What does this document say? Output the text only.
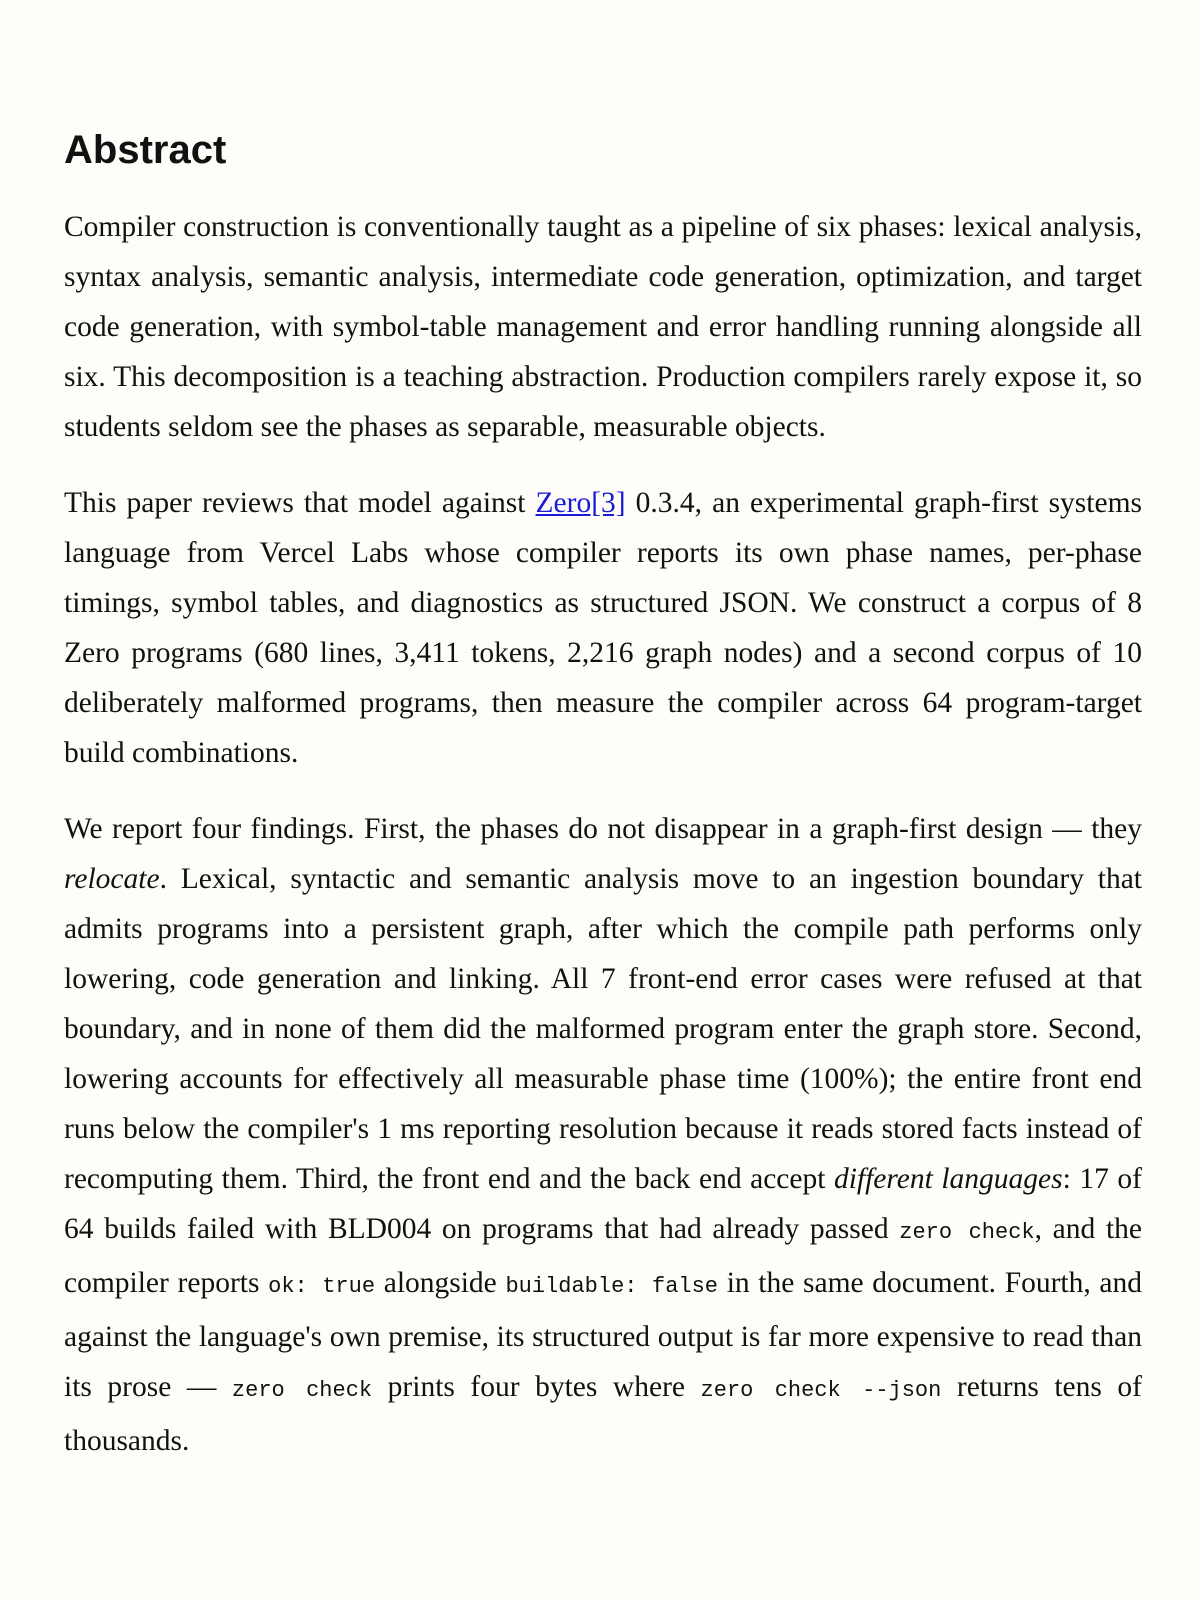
Abstract

Compiler construction is conventionally taught as a pipeline of six phases: lexical analysis, syntax analysis, semantic analysis, intermediate code generation, optimization, and target code generation, with symbol-table management and error handling running alongside all six. This decomposition is a teaching abstraction. Production compilers rarely expose it, so students seldom see the phases as separable, measurable objects.

This paper reviews that model against Zero[3] 0.3.4, an experimental graph-first systems language from Vercel Labs whose compiler reports its own phase names, per-phase timings, symbol tables, and diagnostics as structured JSON. We construct a corpus of 8 Zero programs (680 lines, 3,411 tokens, 2,216 graph nodes) and a second corpus of 10 deliberately malformed programs, then measure the compiler across 64 program-target build combinations.

We report four findings. First, the phases do not disappear in a graph-first design — they relocate. Lexical, syntactic and semantic analysis move to an ingestion boundary that admits programs into a persistent graph, after which the compile path performs only lowering, code generation and linking. All 7 front-end error cases were refused at that boundary, and in none of them did the malformed program enter the graph store. Second, lowering accounts for effectively all measurable phase time (100%); the entire front end runs below the compiler's 1 ms reporting resolution because it reads stored facts instead of recomputing them. Third, the front end and the back end accept different languages: 17 of 64 builds failed with BLD004 on programs that had already passed zero check, and the compiler reports ok: true alongside buildable: false in the same document. Fourth, and against the language's own premise, its structured output is far more expensive to read than its prose — zero check prints four bytes where zero check --json returns tens of thousands.
